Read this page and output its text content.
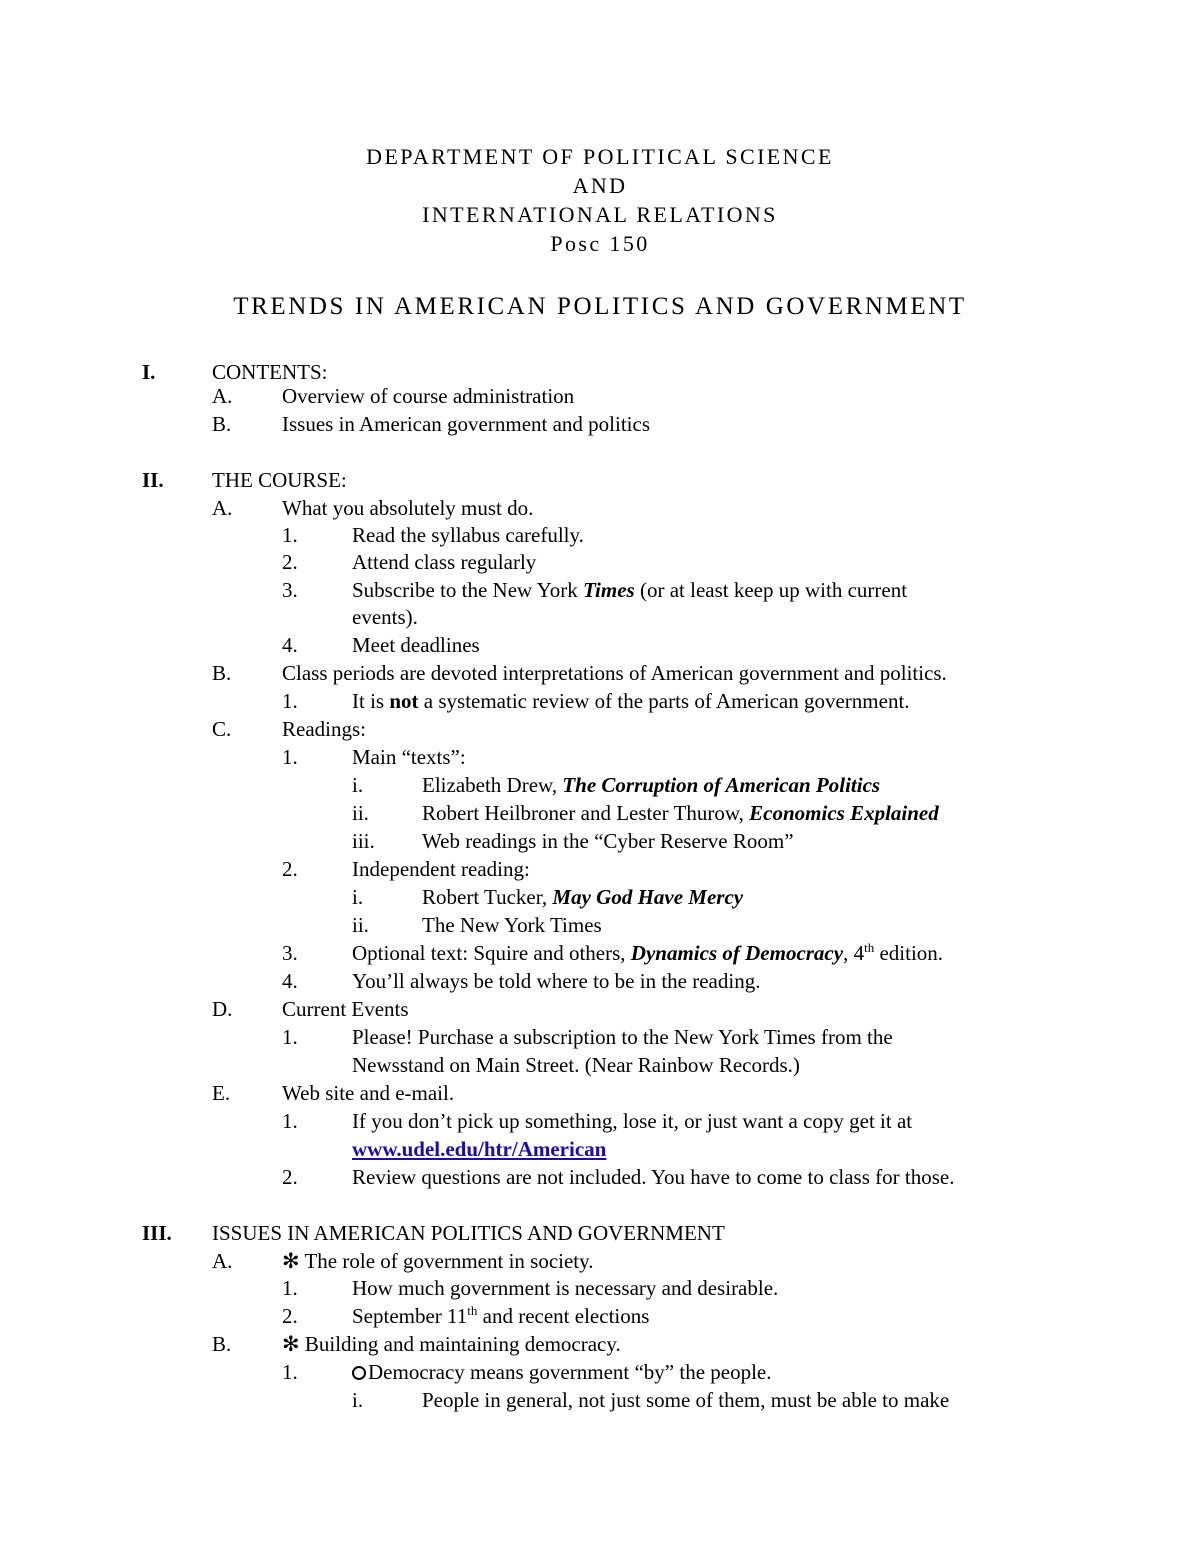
DEPARTMENT OF POLITICAL SCIENCE
AND
INTERNATIONAL RELATIONS
Posc 150
TRENDS IN AMERICAN POLITICS AND GOVERNMENT
I.	CONTENTS:
A. Overview of course administration
B. Issues in American government and politics
II. THE COURSE:
A. What you absolutely must do.
1.	Read the syllabus carefully.
2.	Attend class regularly
3.	Subscribe to the New York Times (or at least keep up with current
events).
4.	Meet deadlines
B. Class periods are devoted interpretations of American government and politics.
1.	It is not a systematic review of the parts of American government.
C. Readings:
1.	Main “texts”:
i.	Elizabeth Drew, The Corruption of American Politics
ii.	Robert Heilbroner and Lester Thurow, Economics Explained
iii. Web readings in the “Cyber Reserve Room”
2.	Independent reading:
i.	Robert Tucker, May God Have Mercy
ii.	The New York Times
3.	Optional text: Squire and others, Dynamics of Democracy, 4th edition.
4.	You’ll always be told where to be in the reading.
D. Current Events
1.	Please! Purchase a subscription to the New York Times from the
Newsstand on Main Street. (Near Rainbow Records.)
E. Web site and e-mail.
1.	If you don’t pick up something, lose it, or just want a copy get it at
www.udel.edu/htr/American
2.	Review questions are not included. You have to come to class for those.
III. ISSUES IN AMERICAN POLITICS AND GOVERNMENT
A. ✻ The role of government in society.
1.	How much government is necessary and desirable.
2.	September 11th and recent elections
B. ✻ Building and maintaining democracy.
1.	Democracy means government “by” the people.
i.	People in general, not just some of them, must be able to make
